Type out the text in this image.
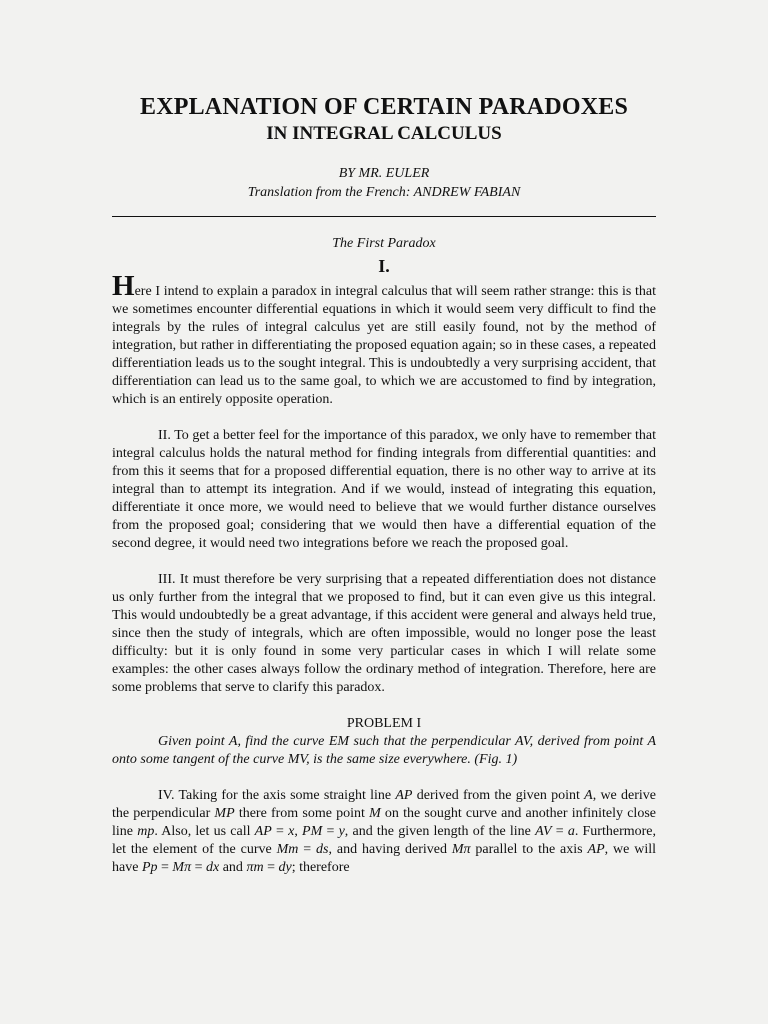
EXPLANATION OF CERTAIN PARADOXES
IN INTEGRAL CALCULUS

BY MR. EULER

Translation from the French: ANDREW FABIAN

The First Paradox

I.

Here I intend to explain a paradox in integral calculus that will seem rather strange: this is that we sometimes encounter differential equations in which it would seem very difficult to find the integrals by the rules of integral calculus yet are still easily found, not by the method of integration, but rather in differentiating the proposed equation again; so in these cases, a repeated differentiation leads us to the sought integral. This is undoubtedly a very surprising accident, that differentiation can lead us to the same goal, to which we are accustomed to find by integration, which is an entirely opposite operation.

II. To get a better feel for the importance of this paradox, we only have to remember that integral calculus holds the natural method for finding integrals from differential quantities: and from this it seems that for a proposed differential equation, there is no other way to arrive at its integral than to attempt its integration. And if we would, instead of integrating this equation, differentiate it once more, we would need to believe that we would further distance ourselves from the proposed goal; considering that we would then have a differential equation of the second degree, it would need two integrations before we reach the proposed goal.

III. It must therefore be very surprising that a repeated differentiation does not distance us only further from the integral that we proposed to find, but it can even give us this integral. This would undoubtedly be a great advantage, if this accident were general and always held true, since then the study of integrals, which are often impossible, would no longer pose the least difficulty: but it is only found in some very particular cases in which I will relate some examples: the other cases always follow the ordinary method of integration. Therefore, here are some problems that serve to clarify this paradox.

PROBLEM I

Given point A, find the curve EM such that the perpendicular AV, derived from point A onto some tangent of the curve MV, is the same size everywhere. (Fig. 1)

IV. Taking for the axis some straight line AP derived from the given point A, we derive the perpendicular MP there from some point M on the sought curve and another infinitely close line mp. Also, let us call AP = x, PM = y, and the given length of the line AV = a. Furthermore, let the element of the curve Mm = ds, and having derived Mπ parallel to the axis AP, we will have Pp = Mπ = dx and πm = dy; therefore
